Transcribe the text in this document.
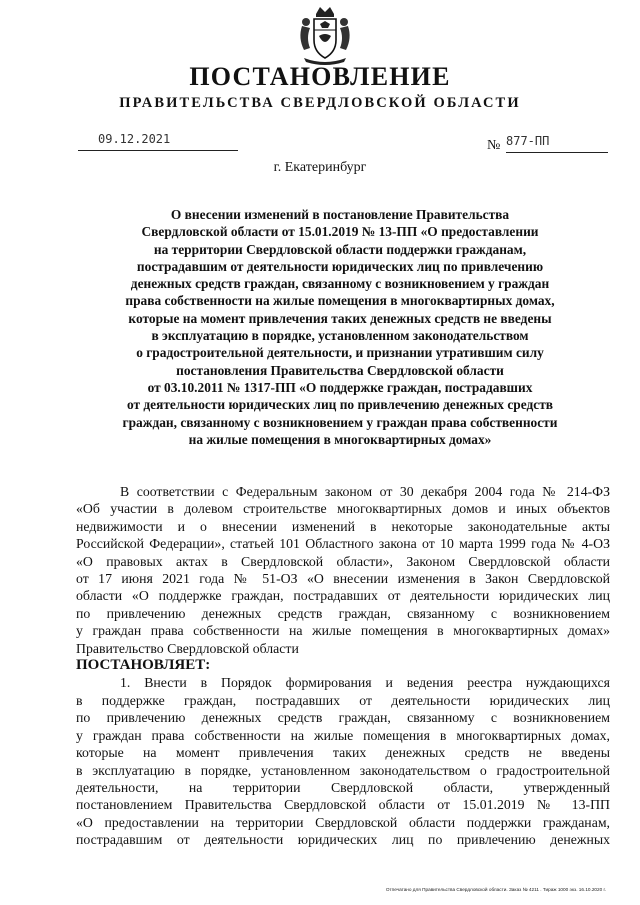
ПОСТАНОВЛЕНИЕ
ПРАВИТЕЛЬСТВА СВЕРДЛОВСКОЙ ОБЛАСТИ
09.12.2021	№ 877-ПП
г. Екатеринбург
О внесении изменений в постановление Правительства
Свердловской области от 15.01.2019 № 13-ПП «О предоставлении
на территории Свердловской области поддержки гражданам,
пострадавшим от деятельности юридических лиц по привлечению
денежных средств граждан, связанному с возникновением у граждан
права собственности на жилые помещения в многоквартирных домах,
которые на момент привлечения таких денежных средств не введены
в эксплуатацию в порядке, установленном законодательством
о градостроительной деятельности, и признании утратившим силу
постановления Правительства Свердловской области
от 03.10.2011 № 1317-ПП «О поддержке граждан, пострадавших
от деятельности юридических лиц по привлечению денежных средств
граждан, связанному с возникновением у граждан права собственности
на жилые помещения в многоквартирных домах»
В соответствии с Федеральным законом от 30 декабря 2004 года № 214-ФЗ
«Об участии в долевом строительстве многоквартирных домов и иных объектов
недвижимости и о внесении изменений в некоторые законодательные акты
Российской Федерации», статьей 101 Областного закона от 10 марта 1999 года № 4-ОЗ
«О правовых актах в Свердловской области», Законом Свердловской области
от 17 июня 2021 года № 51-ОЗ «О внесении изменения в Закон Свердловской
области «О поддержке граждан, пострадавших от деятельности юридических лиц
по привлечению денежных средств граждан, связанному с возникновением
у граждан права собственности на жилые помещения в многоквартирных домах»
Правительство Свердловской области
ПОСТАНОВЛЯЕТ:
1. Внести в Порядок формирования и ведения реестра нуждающихся
в поддержке граждан, пострадавших от деятельности юридических лиц
по привлечению денежных средств граждан, связанному с возникновением
у граждан права собственности на жилые помещения в многоквартирных домах,
которые на момент привлечения таких денежных средств не введены
в эксплуатацию в порядке, установленном законодательством о градостроительной
деятельности, на территории Свердловской области, утвержденный
постановлением Правительства Свердловской области от 15.01.2019 № 13-ПП
«О предоставлении на территории Свердловской области поддержки гражданам,
пострадавшим от деятельности юридических лиц по привлечению денежных
Отпечатано для Правительства Свердловской области. Заказ № 4211 . Тираж 1000 экз. 16.10.2020 г.
